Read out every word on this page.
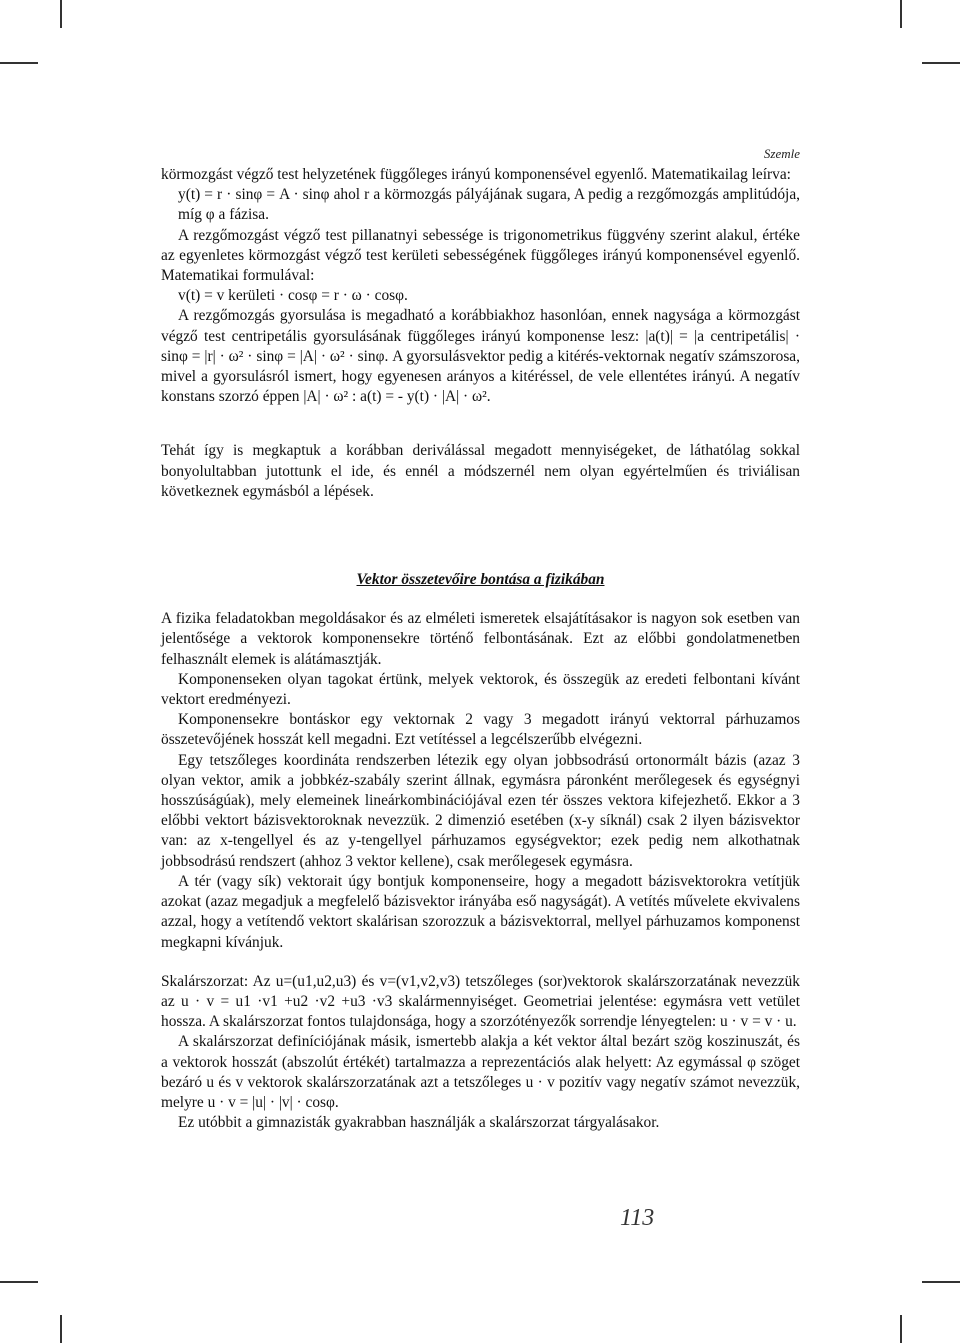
Szemle

körmozgást végző test helyzetének függőleges irányú komponensével egyenlő. Matematikailag leírva:

y(t) = r · sinφ = A · sinφ ahol r a körmozgás pályájának sugara, A pedig a rezgőmozgás amplitúdója, míg φ a fázisa.

A rezgőmozgást végző test pillanatnyi sebessége is trigonometrikus függvény szerint alakul, értéke az egyenletes körmozgást végző test kerületi sebességének függőleges irányú komponensével egyenlő. Matematikai formulával:

v(t) = v kerületi · cosφ = r · ω · cosφ.

A rezgőmozgás gyorsulása is megadható a korábbiakhoz hasonlóan, ennek nagysága a körmozgást végző test centripetális gyorsulásának függőleges irányú komponense lesz: |a(t)| = |a centripetális| · sinφ = |r| · ω² · sinφ = |A| · ω² · sinφ. A gyorsulásvektor pedig a kitérés-vektornak negatív számszorosa, mivel a gyorsulásról ismert, hogy egyenesen arányos a kitéréssel, de vele ellentétes irányú. A negatív konstans szorzó éppen |A| · ω² : a(t) = - y(t) · |A| · ω².

Tehát így is megkaptuk a korábban deriválással megadott mennyiségeket, de láthatólag sokkal bonyolultabban jutottunk el ide, és ennél a módszernél nem olyan egyértelműen és triviálisan következnek egymásból a lépések.

Vektor összetevőire bontása a fizikában

A fizika feladatokban megoldásakor és az elméleti ismeretek elsajátításakor is nagyon sok esetben van jelentősége a vektorok komponensekre történő felbontásának. Ezt az előbbi gondolatmenetben felhasznált elemek is alátámasztják.

Komponenseken olyan tagokat értünk, melyek vektorok, és összegük az eredeti felbontani kívánt vektort eredményezi.

Komponensekre bontáskor egy vektornak 2 vagy 3 megadott irányú vektorral párhuzamos összetevőjének hosszát kell megadni. Ezt vetítéssel a legcélszerűbb elvégezni.

Egy tetszőleges koordináta rendszerben létezik egy olyan jobbsodrású ortonormált bázis (azaz 3 olyan vektor, amik a jobbkéz-szabály szerint állnak, egymásra páronként merőlegesek és egységnyi hosszúságúak), mely elemeinek lineárkombinációjával ezen tér összes vektora kifejezhető. Ekkor a 3 előbbi vektort bázisvektoroknak nevezzük. 2 dimenzió esetében (x-y síknál) csak 2 ilyen bázisvektor van: az x-tengellyel és az y-tengellyel párhuzamos egységvektor; ezek pedig nem alkothatnak jobbsodrású rendszert (ahhoz 3 vektor kellene), csak merőlegesek egymásra.

A tér (vagy sík) vektorait úgy bontjuk komponenseire, hogy a megadott bázisvektorokra vetítjük azokat (azaz megadjuk a megfelelő bázisvektor irányába eső nagyságát). A vetítés művelete ekvivalens azzal, hogy a vetítendő vektort skalárisan szorozzuk a bázisvektorral, mellyel párhuzamos komponenst megkapni kívánjuk.

Skalárszorzat: Az u=(u1,u2,u3) és v=(v1,v2,v3) tetszőleges (sor)vektorok skalárszorzatának nevezzük az u · v = u1 ·v1 +u2 ·v2 +u3 ·v3 skalármennyiséget. Geometriai jelentése: egymásra vett vetület hossza. A skalárszorzat fontos tulajdonsága, hogy a szorzótényezők sorrendje lényegtelen: u · v = v · u.

A skalárszorzat definíciójának másik, ismertebb alakja a két vektor által bezárt szög koszinuszát, és a vektorok hosszát (abszolút értékét) tartalmazza a reprezentációs alak helyett: Az egymással φ szöget bezáró u és v vektorok skalárszorzatának azt a tetszőleges u · v pozitív vagy negatív számot nevezzük, melyre u · v = |u| · |v| · cosφ.

Ez utóbbit a gimnazisták gyakrabban használják a skalárszorzat tárgyalásakor.

113
